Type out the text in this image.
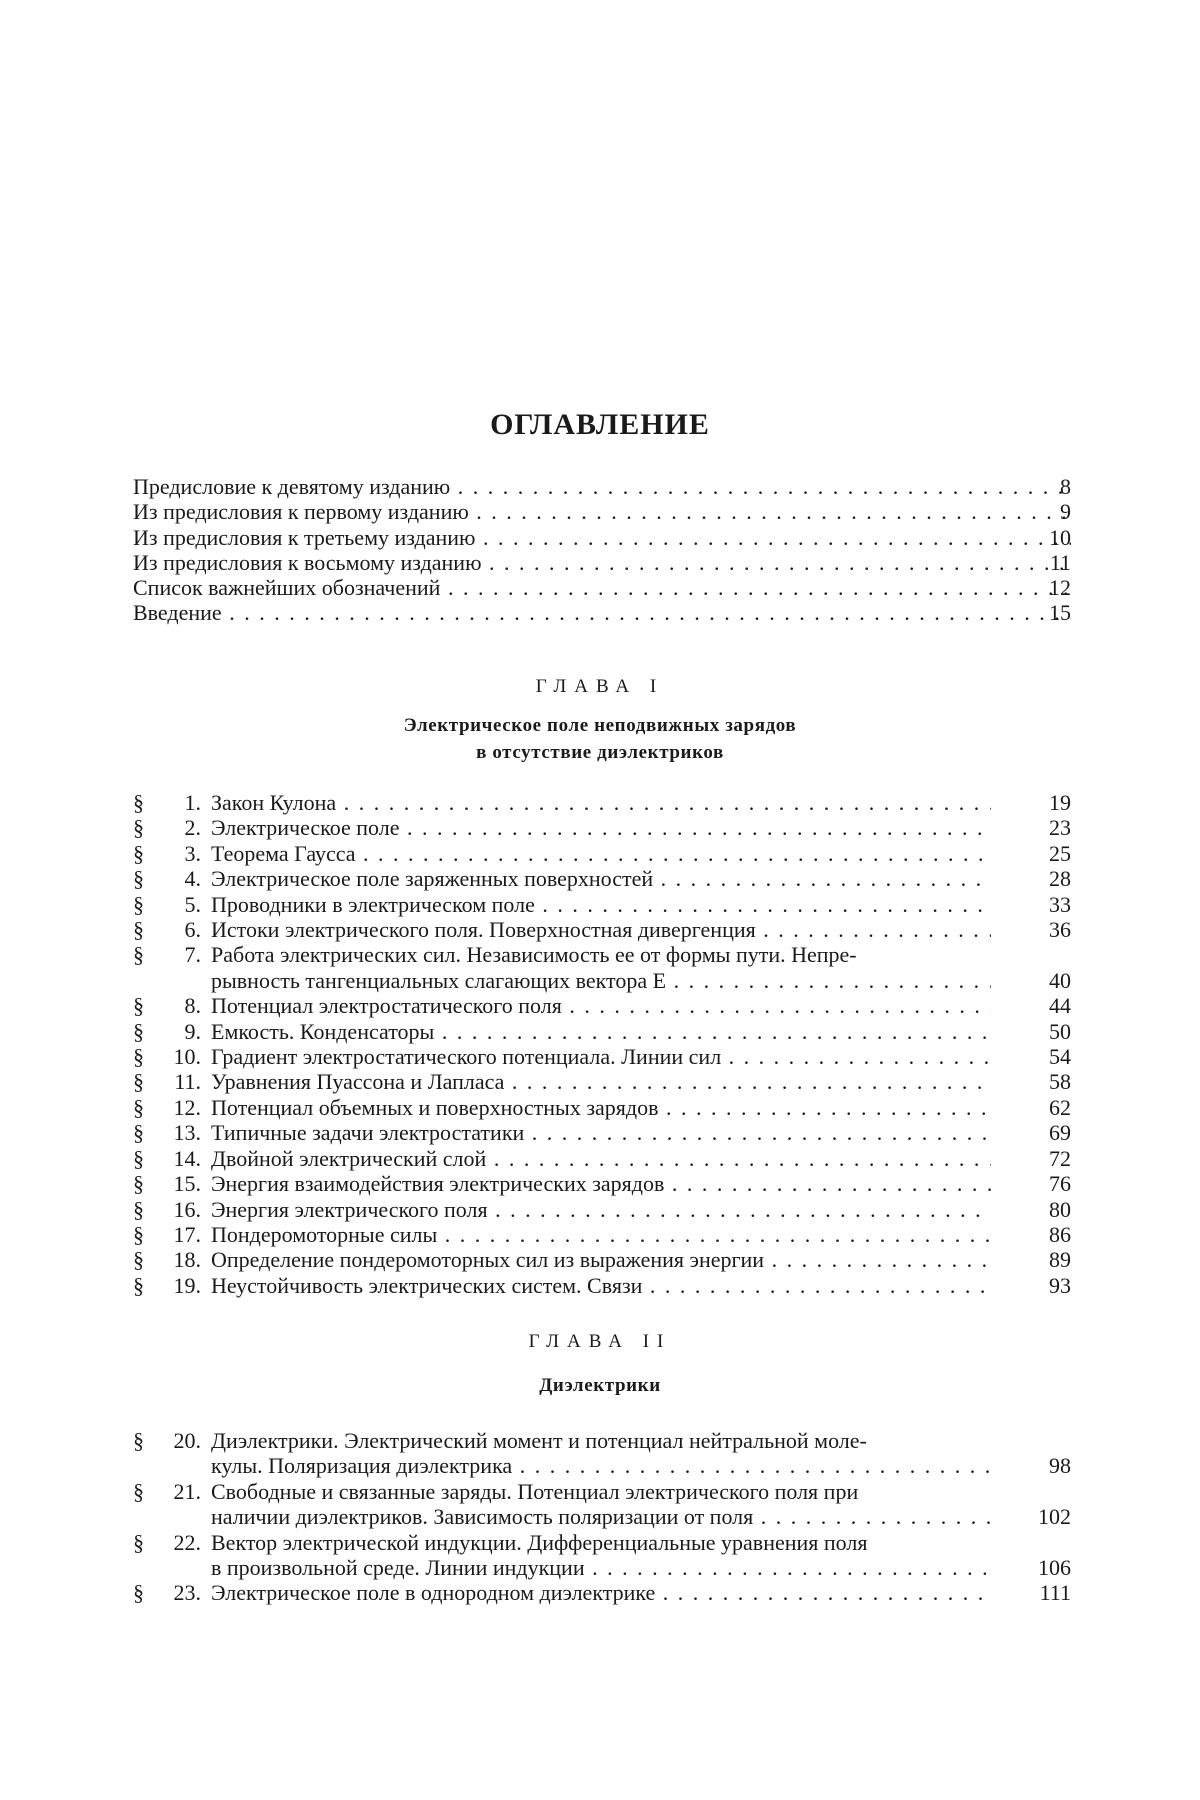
ОГЛАВЛЕНИЕ
Предисловие к девятому изданию . . .	8
Из предисловия к первому изданию . . .	9
Из предисловия к третьему изданию . . .	10
Из предисловия к восьмому изданию . . .	11
Список важнейших обозначений . . .	12
Введение . . .	15
ГЛАВА I
Электрическое поле неподвижных зарядов
в отсутствие диэлектриков
§	1. Закон Кулона . . .	19
§	2. Электрическое поле . . .	23
§	3. Теорема Гаусса . . .	25
§	4. Электрическое поле заряженных поверхностей . . .	28
§	5. Проводники в электрическом поле . . .	33
§	6. Истоки электрического поля. Поверхностная дивергенция . . .	36
§	7. Работа электрических сил. Независимость ее от формы пути. Непре-
рывность тангенциальных слагающих вектора E . . .	40
§	8. Потенциал электростатического поля . . .	44
§	9. Емкость. Конденсаторы . . .	50
§	10. Градиент электростатического потенциала. Линии сил . . .	54
§	11. Уравнения Пуассона и Лапласа . . .	58
§	12. Потенциал объемных и поверхностных зарядов . . .	62
§	13. Типичные задачи электростатики . . .	69
§	14. Двойной электрический слой . . .	72
§	15. Энергия взаимодействия электрических зарядов . . .	76
§	16. Энергия электрического поля . . .	80
§	17. Пондеромоторные силы . . .	86
§	18. Определение пондеромоторных сил из выражения энергии . . .	89
§	19. Неустойчивость электрических систем. Связи . . .	93
ГЛАВА II
Диэлектрики
§	20. Диэлектрики. Электрический момент и потенциал нейтральной моле-
кулы. Поляризация диэлектрика . . .	98
§	21. Свободные и связанные заряды. Потенциал электрического поля при
наличии диэлектриков. Зависимость поляризации от поля . . .	102
§	22. Вектор электрической индукции. Дифференциальные уравнения поля
в произвольной среде. Линии индукции . . .	106
§	23. Электрическое поле в однородном диэлектрике . . .	111
